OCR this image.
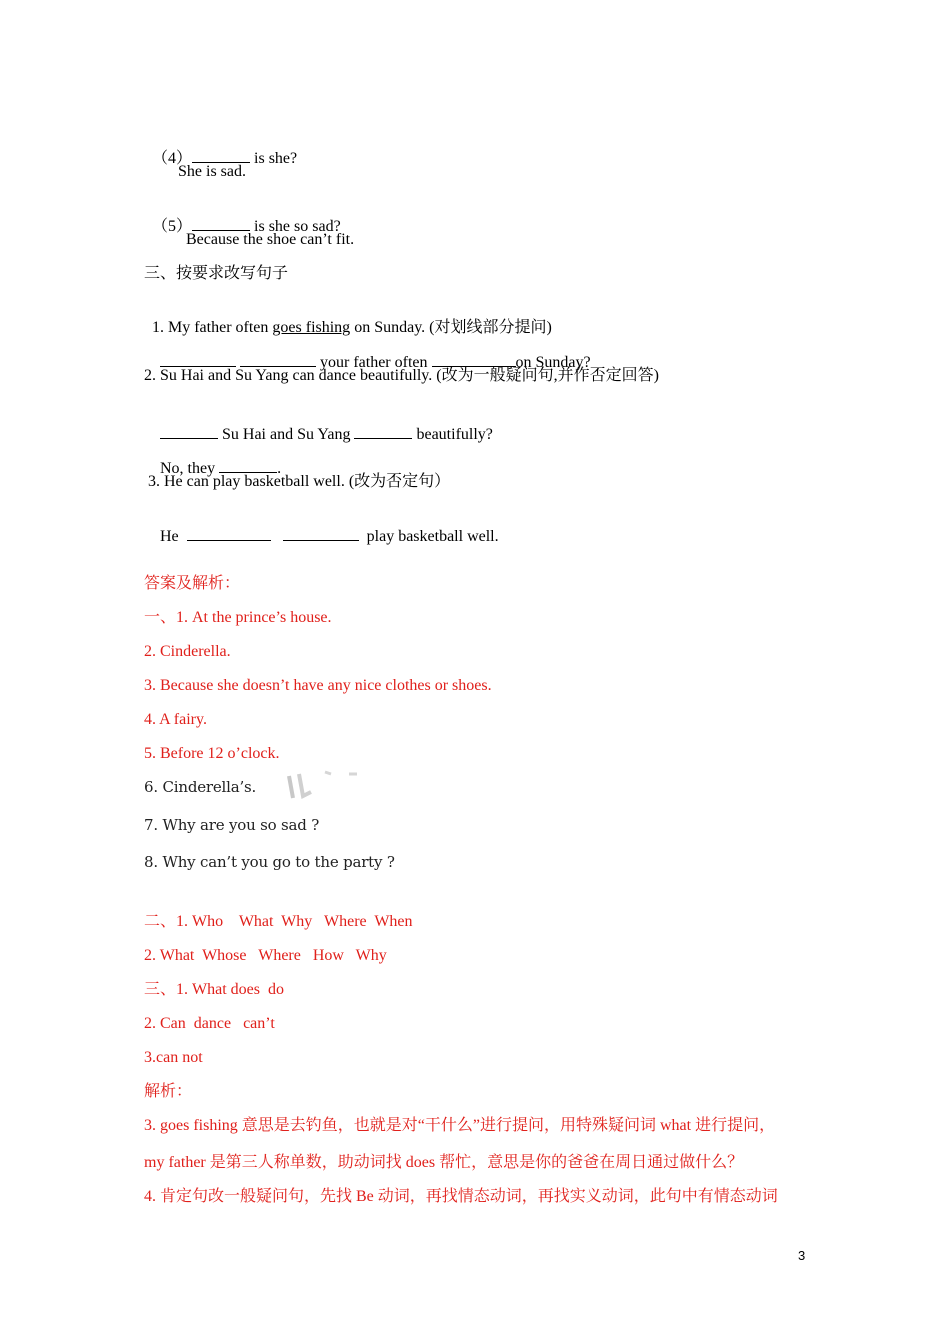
（4）	is she?

She is sad.

（5）	is she so sad?

Because the shoe can’t fit.
三、按要求改写句子

1. My father often goes fishing on Sunday. (对划线部分提问)

your father often	on Sunday?

2. Su Hai and Su Yang can dance beautifully. (改为一般疑问句,并作否定回答)

Su Hai and Su Yang	beautifully?

No, they	.

3. He can play basketball well. (改为否定句）

He	play basketball well.

答案及解析：
一、1. At the prince’s house.
2. Cinderella.
3. Because she doesn’t have any nice clothes or shoes.
4. A fairy.
5. Before 12 o’clock.
6. Cinderella’s.
7. Why are you so sad ?
8. Why can’t you go to the party ?
二、1. Who    What  Why   Where  When
2. What  Whose   Where   How   Why
三、1. What does  do
2. Can  dance   can’t
3.can not
解析：
3. goes fishing 意思是去钓鱼，也就是对“干什么”进行提问，用特殊疑问词 what 进行提问，
my father 是第三人称单数，助动词找 does 帮忙，意思是你的爸爸在周日通过做什么？
4. 肯定句改一般疑问句，先找 Be 动词，再找情态动词，再找实义动词，此句中有情态动词
3
